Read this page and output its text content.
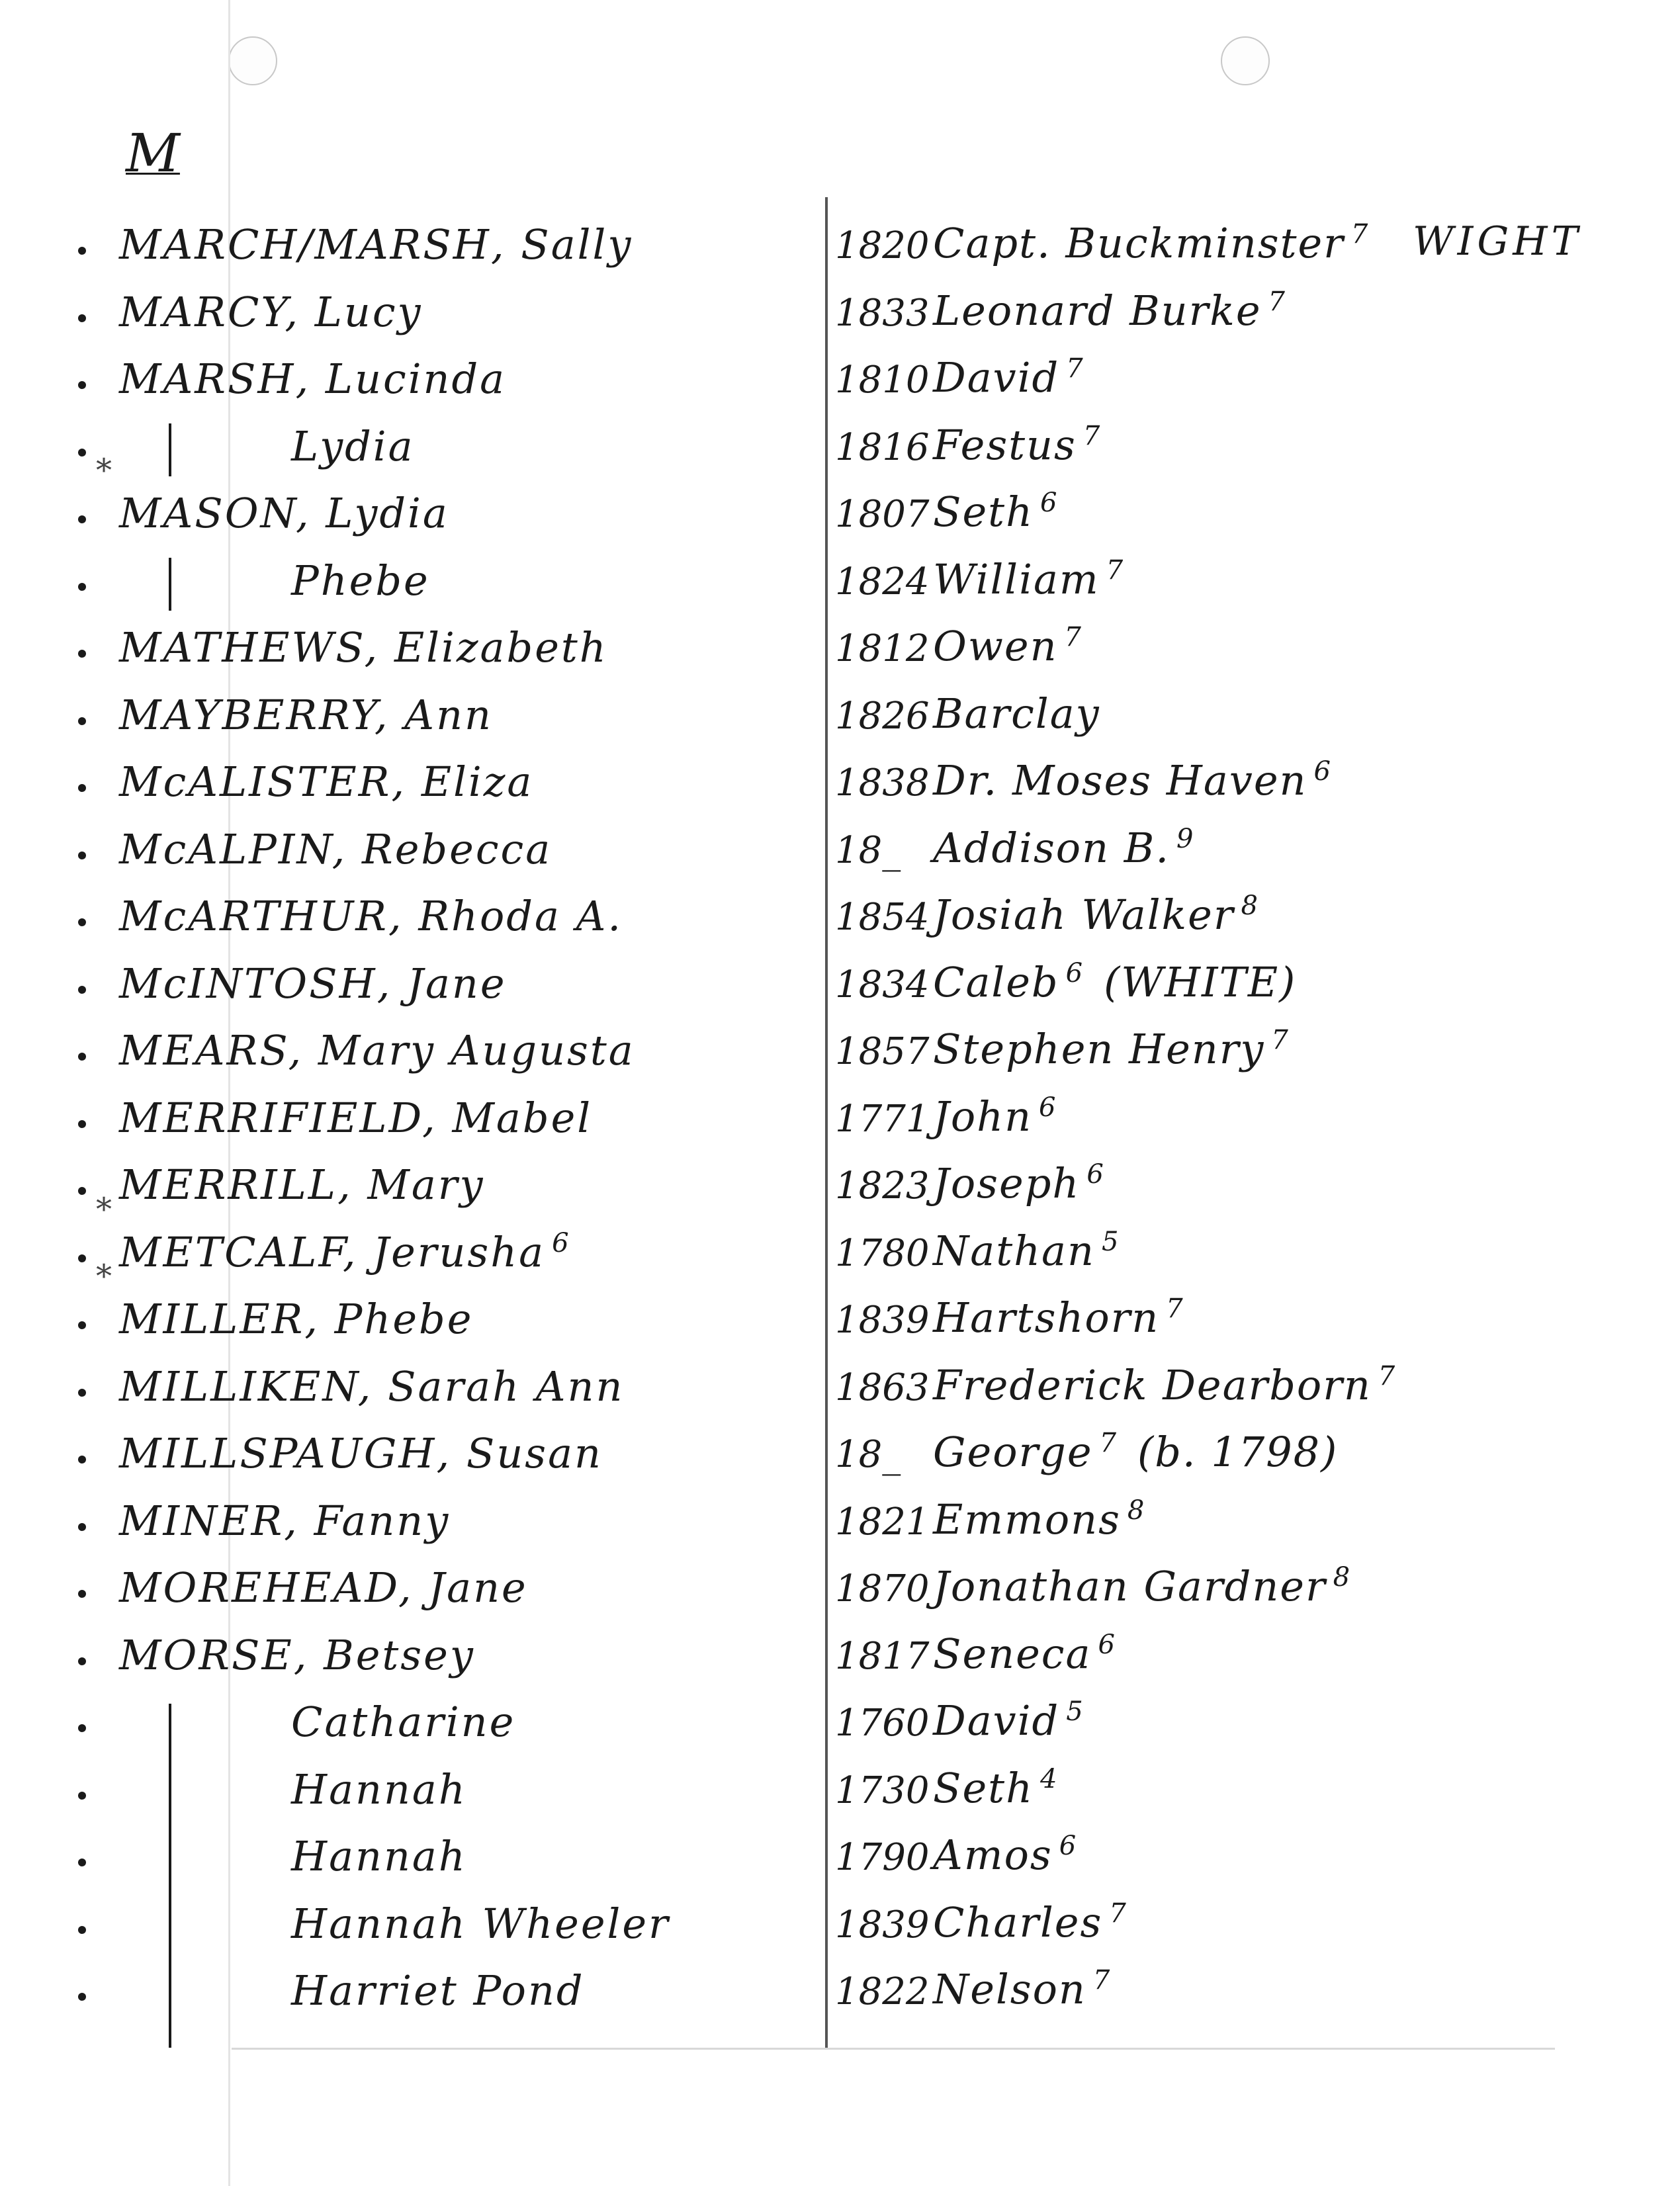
M
WIGHT
MARCH/MARSH, Sally	1820 Capt. Buckminster $^7$
MARCY, Lucy	1833 Leonard Burke $^7$
MARSH, Lucinda	1810 David $^7$
Lydia	1816 Festus $^7$
*
MASON, Lydia	1807 Seth $^6$
Phebe	1824 William $^7$
MATHEWS, Elizabeth	1812 Owen $^7$
MAYBERRY, Ann	1826 Barclay
McALISTER, Eliza	1838 Dr. Moses Haven $^6$
McALPIN, Rebecca	18_ Addison B. $^9$
McARTHUR, Rhoda A.	1854 Josiah Walker $^8$
McINTOSH, Jane	1834 Caleb $^6$ (WHITE)
MEARS, Mary Augusta	1857 Stephen Henry $^7$
MERRIFIELD, Mabel	1771 John $^6$
MERRILL, Mary	1823 Joseph $^6$
*
METCALF, Jerusha $^6$	1780 Nathan $^5$
*
MILLER, Phebe	1839 Hartshorn $^7$
MILLIKEN, Sarah Ann	1863 Frederick Dearborn $^7$
MILLSPAUGH, Susan	18_ George $^7$ (b. 1798)
MINER, Fanny	1821 Emmons $^8$
MOREHEAD, Jane	1870 Jonathan Gardner $^8$
MORSE, Betsey	1817 Seneca $^6$
Catharine	1760 David $^5$
Hannah	1730 Seth $^4$
Hannah	1790 Amos $^6$
Hannah Wheeler	1839 Charles $^7$
Harriet Pond	1822 Nelson $^7$
